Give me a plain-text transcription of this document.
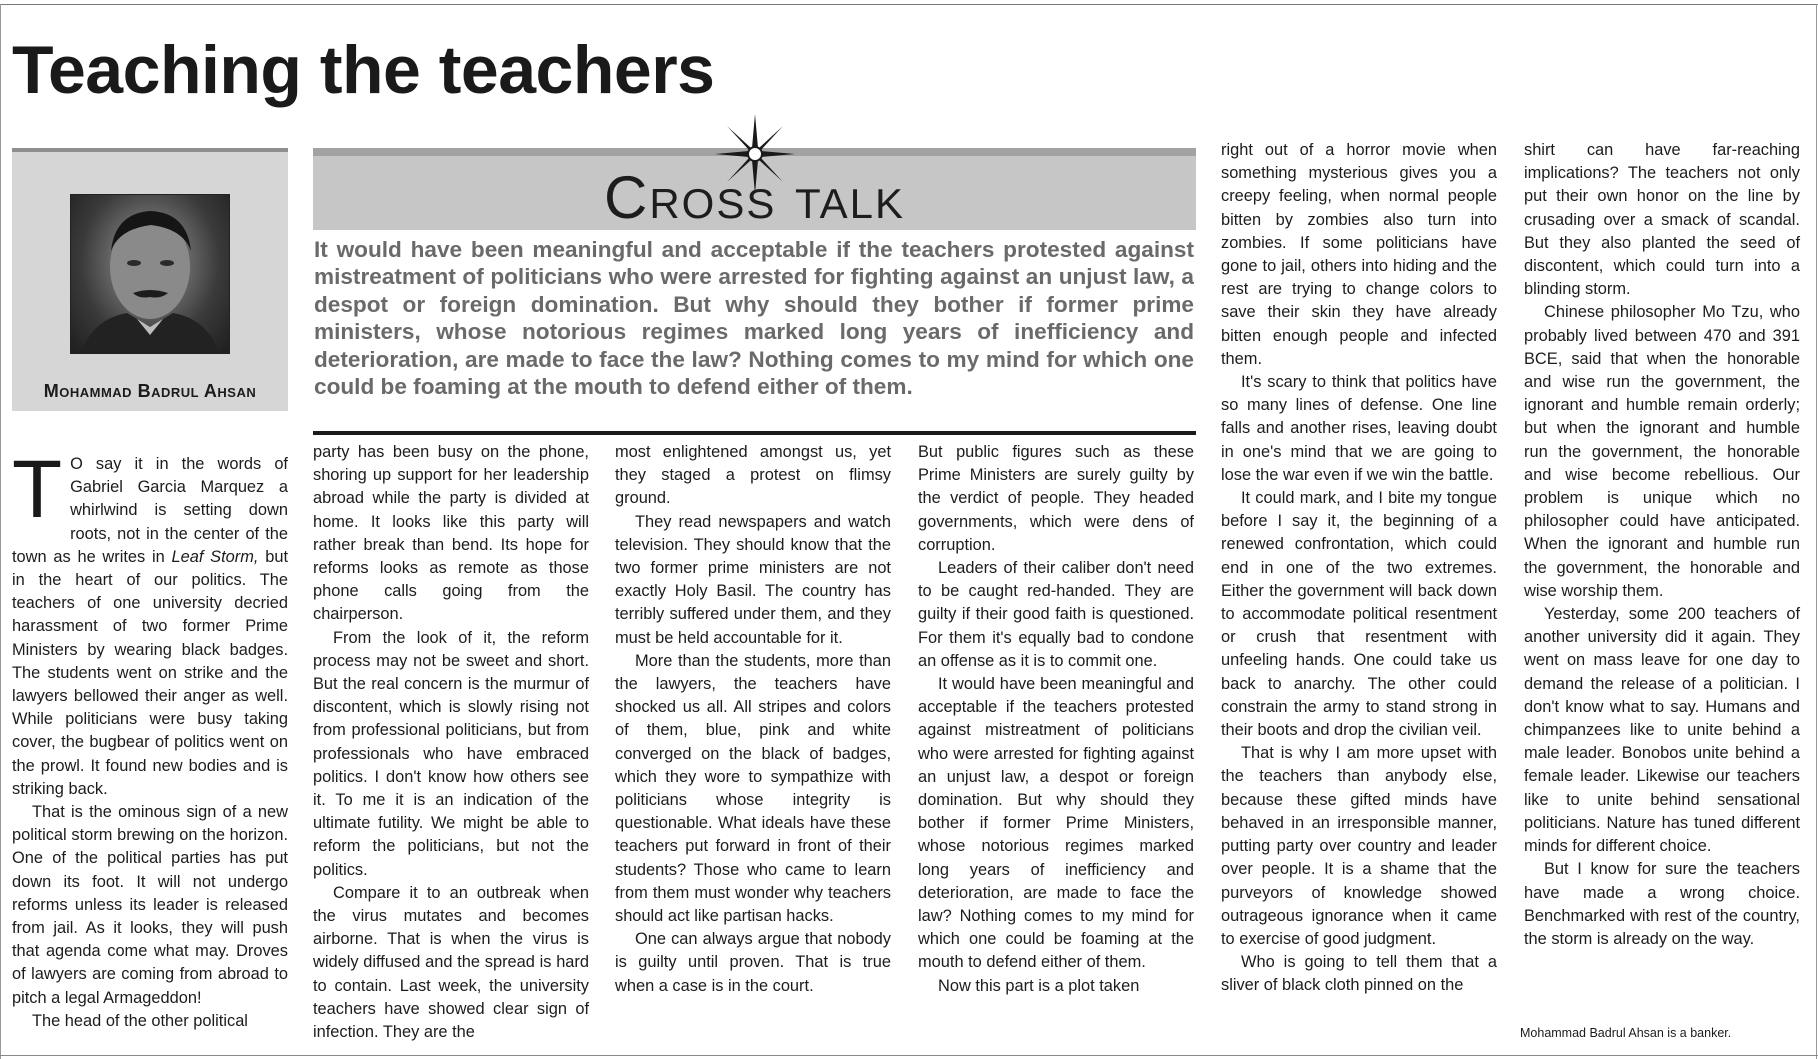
Teaching the teachers
Mohammad Badrul Ahsan
Cross talk

It would have been meaningful and acceptable if the teachers protested against mistreatment of politicians who were arrested for fighting against an unjust law, a despot or foreign domination. But why should they bother if former prime ministers, whose notorious regimes marked long years of inefficiency and deterioration, are made to face the law? Nothing comes to my mind for which one could be foaming at the mouth to defend either of them.

T O say it in the words of Gabriel Garcia Marquez a whirlwind is setting down roots, not in the center of the town as he writes in Leaf Storm, but in the heart of our politics. The teachers of one university decried harassment of two former Prime Ministers by wearing black badges. The students went on strike and the lawyers bellowed their anger as well. While politicians were busy taking cover, the bugbear of politics went on the prowl. It found new bodies and is striking back.

That is the ominous sign of a new political storm brewing on the horizon. One of the political parties has put down its foot. It will not undergo reforms unless its leader is released from jail. As it looks, they will push that agenda come what may. Droves of lawyers are coming from abroad to pitch a legal Armageddon!

The head of the other political

party has been busy on the phone, shoring up support for her leadership abroad while the party is divided at home. It looks like this party will rather break than bend. Its hope for reforms looks as remote as those phone calls going from the chairperson.

From the look of it, the reform process may not be sweet and short. But the real concern is the murmur of discontent, which is slowly rising not from professional politicians, but from professionals who have embraced politics. I don't know how others see it. To me it is an indication of the ultimate futility. We might be able to reform the politicians, but not the politics.

Compare it to an outbreak when the virus mutates and becomes airborne. That is when the virus is widely diffused and the spread is hard to contain. Last week, the university teachers have showed clear sign of infection. They are the

most enlightened amongst us, yet they staged a protest on flimsy ground.

They read newspapers and watch television. They should know that the two former prime ministers are not exactly Holy Basil. The country has terribly suffered under them, and they must be held accountable for it.

More than the students, more than the lawyers, the teachers have shocked us all. All stripes and colors of them, blue, pink and white converged on the black of badges, which they wore to sympathize with politicians whose integrity is questionable. What ideals have these teachers put forward in front of their students? Those who came to learn from them must wonder why teachers should act like partisan hacks.

One can always argue that nobody is guilty until proven. That is true when a case is in the court.

But public figures such as these Prime Ministers are surely guilty by the verdict of people. They headed governments, which were dens of corruption.

Leaders of their caliber don't need to be caught red-handed. They are guilty if their good faith is questioned. For them it's equally bad to condone an offense as it is to commit one.

It would have been meaningful and acceptable if the teachers protested against mistreatment of politicians who were arrested for fighting against an unjust law, a despot or foreign domination. But why should they bother if former Prime Ministers, whose notorious regimes marked long years of inefficiency and deterioration, are made to face the law? Nothing comes to my mind for which one could be foaming at the mouth to defend either of them.

Now this part is a plot taken

right out of a horror movie when something mysterious gives you a creepy feeling, when normal people bitten by zombies also turn into zombies. If some politicians have gone to jail, others into hiding and the rest are trying to change colors to save their skin they have already bitten enough people and infected them.

It's scary to think that politics have so many lines of defense. One line falls and another rises, leaving doubt in one's mind that we are going to lose the war even if we win the battle.

It could mark, and I bite my tongue before I say it, the beginning of a renewed confrontation, which could end in one of the two extremes. Either the government will back down to accommodate political resentment or crush that resentment with unfeeling hands. One could take us back to anarchy. The other could constrain the army to stand strong in their boots and drop the civilian veil.

That is why I am more upset with the teachers than anybody else, because these gifted minds have behaved in an irresponsible manner, putting party over country and leader over people. It is a shame that the purveyors of knowledge showed outrageous ignorance when it came to exercise of good judgment.

Who is going to tell them that a sliver of black cloth pinned on the

shirt can have far-reaching implications? The teachers not only put their own honor on the line by crusading over a smack of scandal. But they also planted the seed of discontent, which could turn into a blinding storm.

Chinese philosopher Mo Tzu, who probably lived between 470 and 391 BCE, said that when the honorable and wise run the government, the ignorant and humble remain orderly; but when the ignorant and humble run the government, the honorable and wise become rebellious. Our problem is unique which no philosopher could have anticipated. When the ignorant and humble run the government, the honorable and wise worship them.

Yesterday, some 200 teachers of another university did it again. They went on mass leave for one day to demand the release of a politician. I don't know what to say. Humans and chimpanzees like to unite behind a male leader. Bonobos unite behind a female leader. Likewise our teachers like to unite behind sensational politicians. Nature has tuned different minds for different choice.

But I know for sure the teachers have made a wrong choice. Benchmarked with rest of the country, the storm is already on the way.

Mohammad Badrul Ahsan is a banker.
